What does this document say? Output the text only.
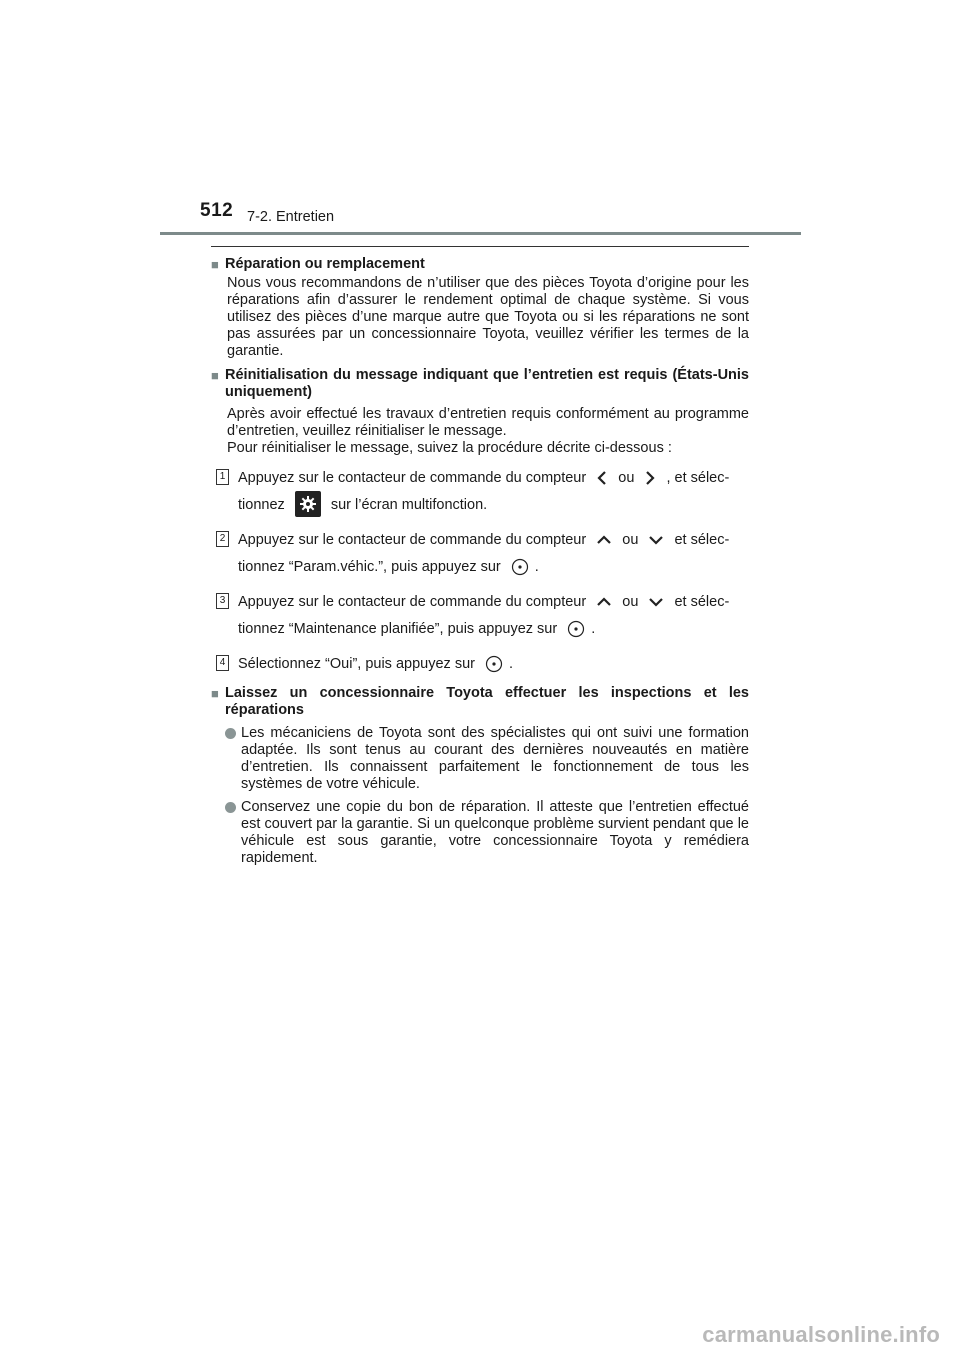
512 7-2. Entretien
■ Réparation ou remplacement

Nous vous recommandons de n’utiliser que des pièces Toyota d’origine pour les réparations afin d’assurer le rendement optimal de chaque système. Si vous utilisez des pièces d’une marque autre que Toyota ou si les réparations ne sont pas assurées par un concessionnaire Toyota, veuillez vérifier les termes de la garantie.

■ Réinitialisation du message indiquant que l’entretien est requis (États-Unis uniquement)

Après avoir effectué les travaux d’entretien requis conformément au programme d’entretien, veuillez réinitialiser le message.

Pour réinitialiser le message, suivez la procédure décrite ci-dessous :

1 Appuyez sur le contacteur de commande du compteur ou , et sélec-
tionnez	sur l’écran multifonction.
2 Appuyez sur le contacteur de commande du compteur ou et sélec-
tionnez “Param.véhic.”, puis appuyez sur .
3 Appuyez sur le contacteur de commande du compteur ou et sélec-
tionnez “Maintenance planifiée”, puis appuyez sur .
4 Sélectionnez “Oui”, puis appuyez sur .
■ Laissez un concessionnaire Toyota effectuer les inspections et les réparations
Les mécaniciens de Toyota sont des spécialistes qui ont suivi une formation adaptée. Ils sont tenus au courant des dernières nouveautés en matière d’entretien. Ils connaissent parfaitement le fonctionnement de tous les systèmes de votre véhicule.
Conservez une copie du bon de réparation. Il atteste que l’entretien effectué est couvert par la garantie. Si un quelconque problème survient pendant que le véhicule est sous garantie, votre concessionnaire Toyota y remédiera rapidement.
carmanualsonline.info
